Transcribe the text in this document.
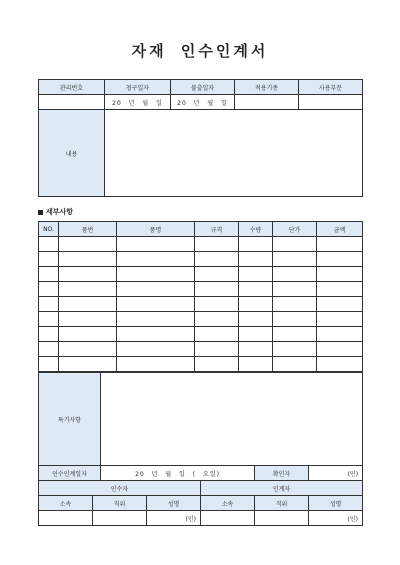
자재 인수인계서
관리번호	청구일자	불출일자	적용기종	사용부문
	20 년 월 일	20 년 월 일		
내용				
세부사항
NO.	품번	품명	규격	수량	단가	금액

특기사항				
인수인계일자	20 년 월 일 ( 요일)		확인자	(인)
인수자		인계자		
소속	직위	성명	소속	직위	성명
		(인)			(인)
